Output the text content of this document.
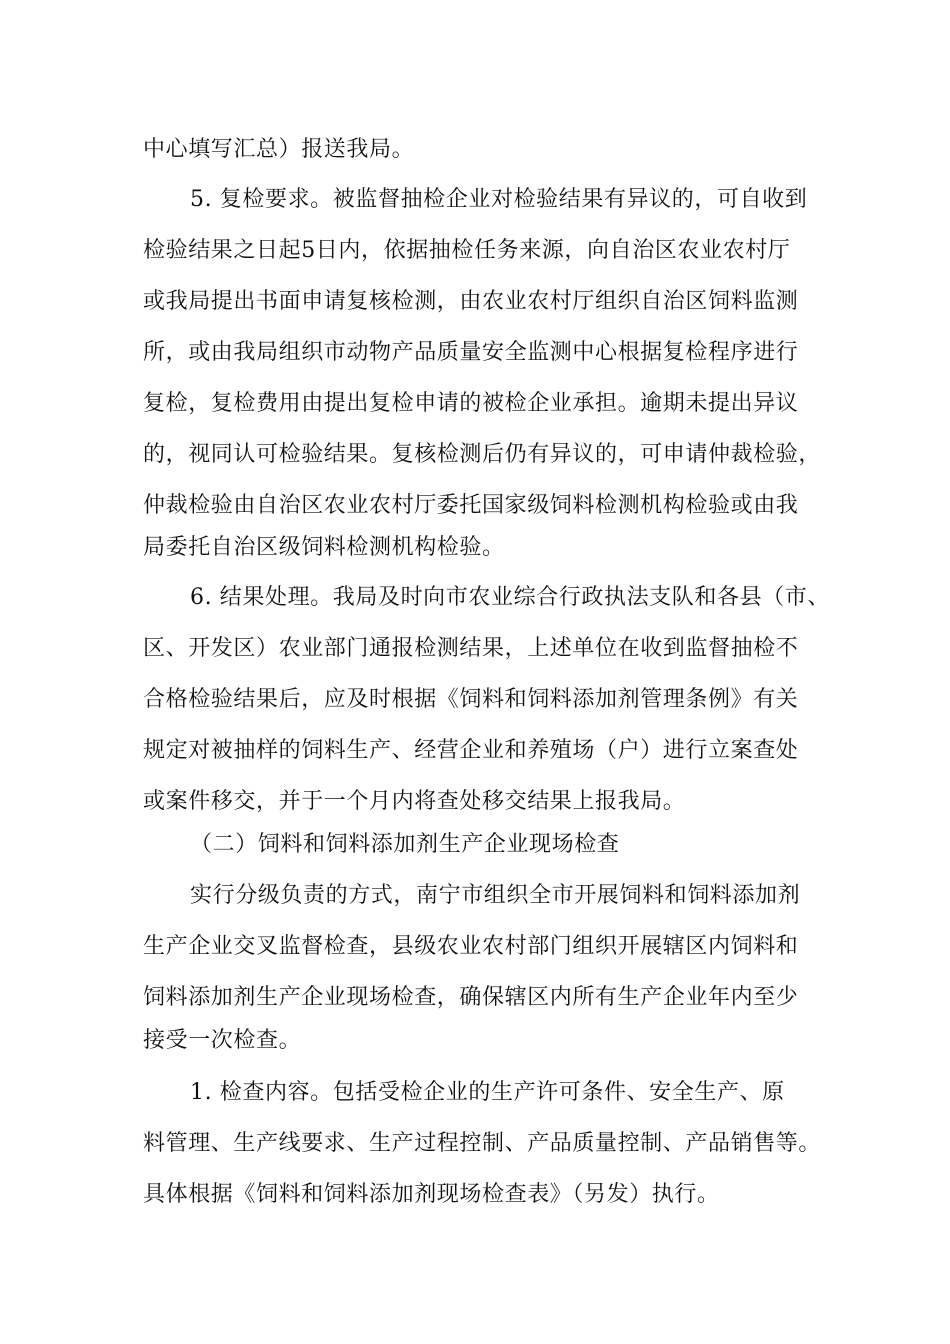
中心填写汇总）报送我局。
5. 复检要求。被监督抽检企业对检验结果有异议的，可自收到
检验结果之日起5日内，依据抽检任务来源，向自治区农业农村厅
或我局提出书面申请复核检测，由农业农村厅组织自治区饲料监测
所，或由我局组织市动物产品质量安全监测中心根据复检程序进行
复检，复检费用由提出复检申请的被检企业承担。逾期未提出异议
的，视同认可检验结果。复核检测后仍有异议的，可申请仲裁检验，
仲裁检验由自治区农业农村厅委托国家级饲料检测机构检验或由我
局委托自治区级饲料检测机构检验。
6. 结果处理。我局及时向市农业综合行政执法支队和各县（市、
区、开发区）农业部门通报检测结果，上述单位在收到监督抽检不
合格检验结果后，应及时根据《饲料和饲料添加剂管理条例》有关
规定对被抽样的饲料生产、经营企业和养殖场（户）进行立案查处
或案件移交，并于一个月内将查处移交结果上报我局。
（二）饲料和饲料添加剂生产企业现场检查
实行分级负责的方式，南宁市组织全市开展饲料和饲料添加剂
生产企业交叉监督检查，县级农业农村部门组织开展辖区内饲料和
饲料添加剂生产企业现场检查，确保辖区内所有生产企业年内至少
接受一次检查。
1. 检查内容。包括受检企业的生产许可条件、安全生产、原
料管理、生产线要求、生产过程控制、产品质量控制、产品销售等。
具体根据《饲料和饲料添加剂现场检查表》（另发）执行。
